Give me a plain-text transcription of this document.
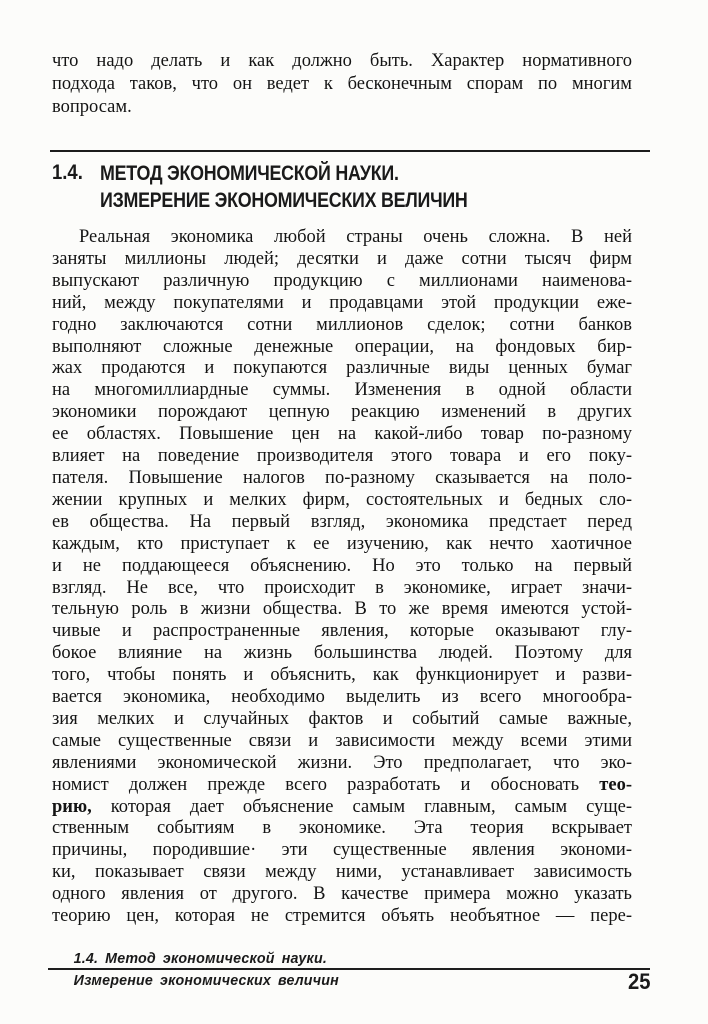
что надо делать и как должно быть. Характер нормативного
подхода таков, что он ведет к бесконечным спорам по многим
вопросам.
1.4. МЕТОД ЭКОНОМИЧЕСКОЙ НАУКИ.
ИЗМЕРЕНИЕ ЭКОНОМИЧЕСКИХ ВЕЛИЧИН
Реальная экономика любой страны очень сложна. В ней
заняты миллионы людей; десятки и даже сотни тысяч фирм
выпускают различную продукцию с миллионами наименова-
ний, между покупателями и продавцами этой продукции еже-
годно заключаются сотни миллионов сделок; сотни банков
выполняют сложные денежные операции, на фондовых бир-
жах продаются и покупаются различные виды ценных бумаг
на многомиллиардные суммы. Изменения в одной области
экономики порождают цепную реакцию изменений в других
ее областях. Повышение цен на какой-либо товар по-разному
влияет на поведение производителя этого товара и его поку-
пателя. Повышение налогов по-разному сказывается на поло-
жении крупных и мелких фирм, состоятельных и бедных сло-
ев общества. На первый взгляд, экономика предстает перед
каждым, кто приступает к ее изучению, как нечто хаотичное
и не поддающееся объяснению. Но это только на первый
взгляд. Не все, что происходит в экономике, играет значи-
тельную роль в жизни общества. В то же время имеются устой-
чивые и распространенные явления, которые оказывают глу-
бокое влияние на жизнь большинства людей. Поэтому для
того, чтобы понять и объяснить, как функционирует и разви-
вается экономика, необходимо выделить из всего многообра-
зия мелких и случайных фактов и событий самые важные,
самые существенные связи и зависимости между всеми этими
явлениями экономической жизни. Это предполагает, что эко-
номист должен прежде всего разработать и обосновать тео-
рию, которая дает объяснение самым главным, самым суще-
ственным событиям в экономике. Эта теория вскрывает
причины, породившие· эти существенные явления экономи-
ки, показывает связи между ними, устанавливает зависимость
одного явления от другого. В качестве примера можно указать
теорию цен, которая не стремится объять необъятное — пере-
1.4. Метод экономической науки.
Измерение экономических величин	25
